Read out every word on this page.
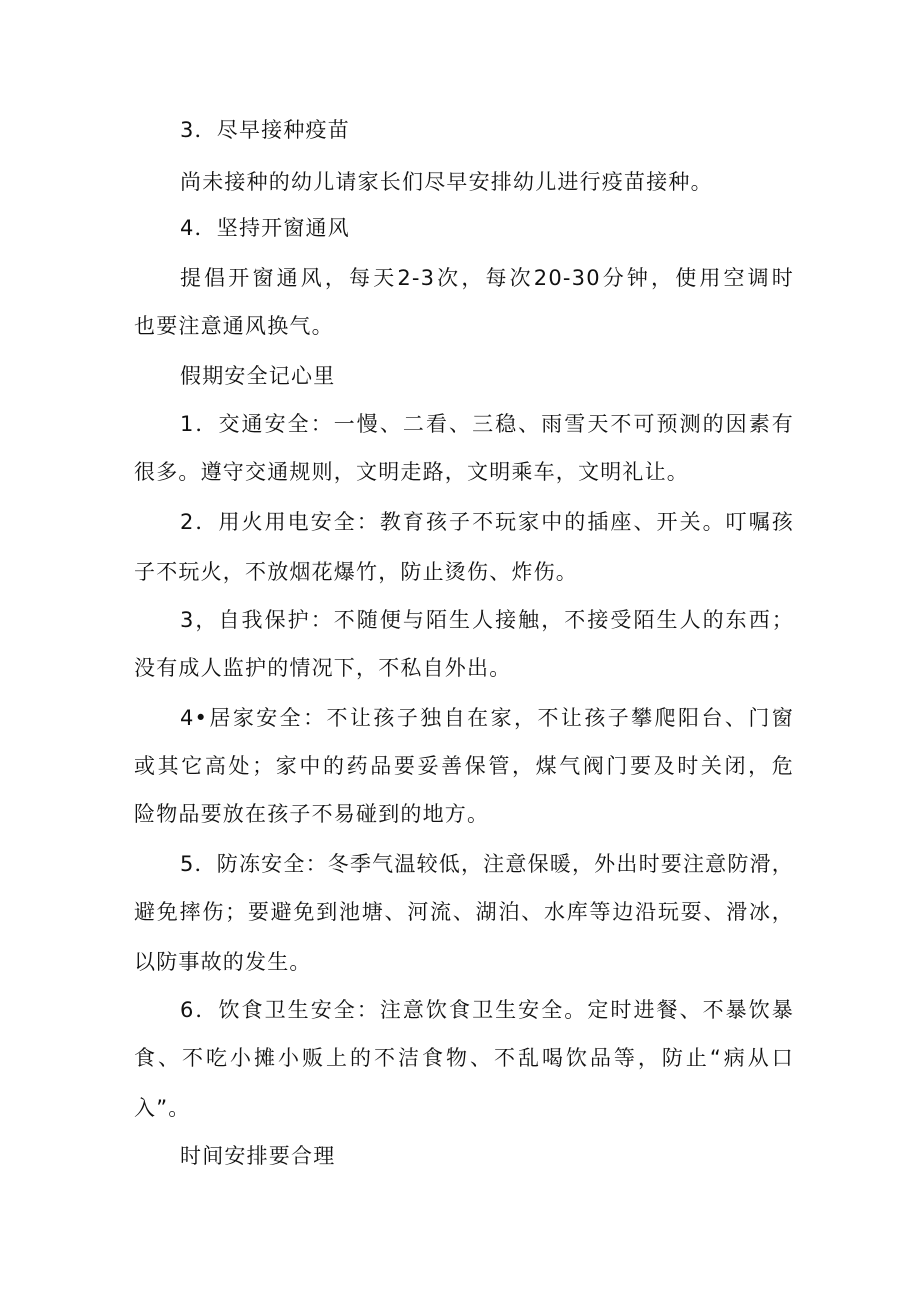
3．尽早接种疫苗
尚未接种的幼儿请家长们尽早安排幼儿进行疫苗接种。
4．坚持开窗通风
提倡开窗通风，每天2-3次，每次20-30分钟，使用空调时
也要注意通风换气。
假期安全记心里
1．交通安全：一慢、二看、三稳、雨雪天不可预测的因素有
很多。遵守交通规则，文明走路，文明乘车，文明礼让。
2．用火用电安全：教育孩子不玩家中的插座、开关。叮嘱孩
子不玩火，不放烟花爆竹，防止烫伤、炸伤。
3，自我保护：不随便与陌生人接触，不接受陌生人的东西；
没有成人监护的情况下，不私自外出。
4•居家安全：不让孩子独自在家，不让孩子攀爬阳台、门窗
或其它高处；家中的药品要妥善保管，煤气阀门要及时关闭，危
险物品要放在孩子不易碰到的地方。
5．防冻安全：冬季气温较低，注意保暖，外出时要注意防滑，
避免摔伤；要避免到池塘、河流、湖泊、水库等边沿玩耍、滑冰，
以防事故的发生。
6．饮食卫生安全：注意饮食卫生安全。定时进餐、不暴饮暴
食、不吃小摊小贩上的不洁食物、不乱喝饮品等，防止“病从口
入”。
时间安排要合理
